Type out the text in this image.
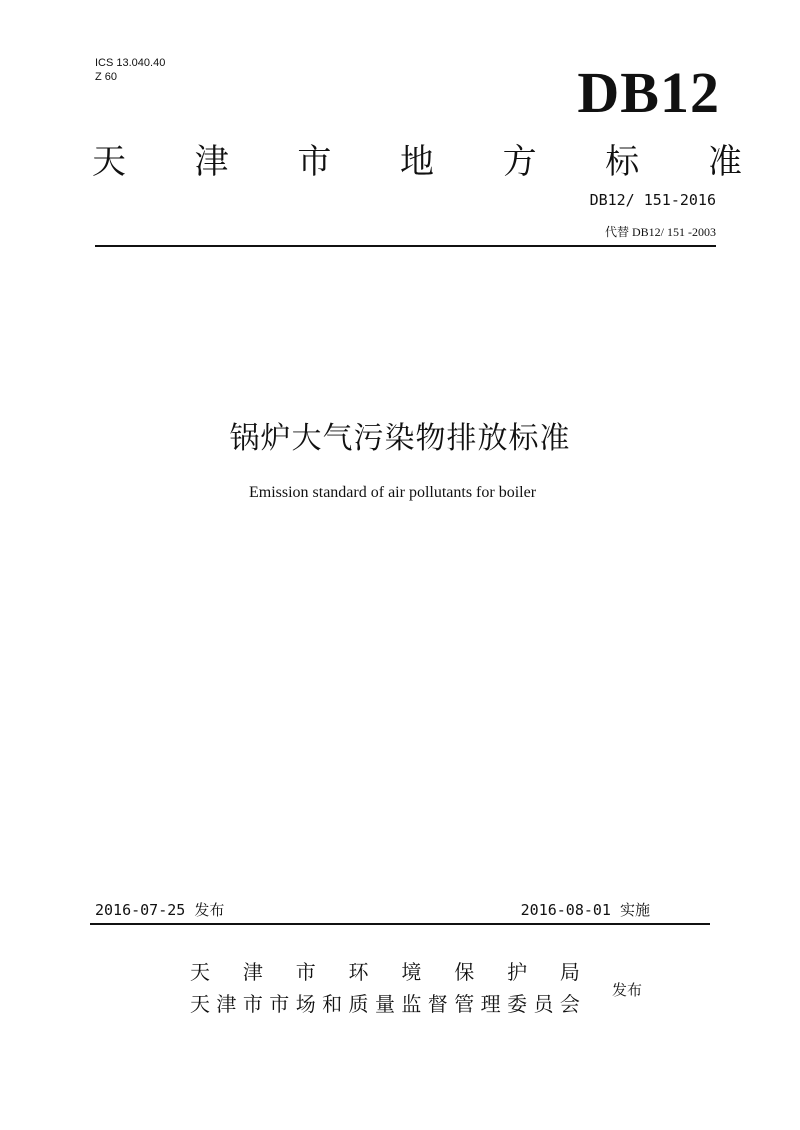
ICS 13.040.40
Z 60	DB12
天 津 市 地 方 标 准
DB12/ 151-2016
代替 DB12/ 151 -2003
锅炉大气污染物排放标准
Emission standard of air pollutants for boiler
2016-07-25 发布	2016-08-01 实施
天 津 市 环 境 保 护 局
天 津 市 市 场 和 质 量 监 督 管 理 委 员 会
发布
